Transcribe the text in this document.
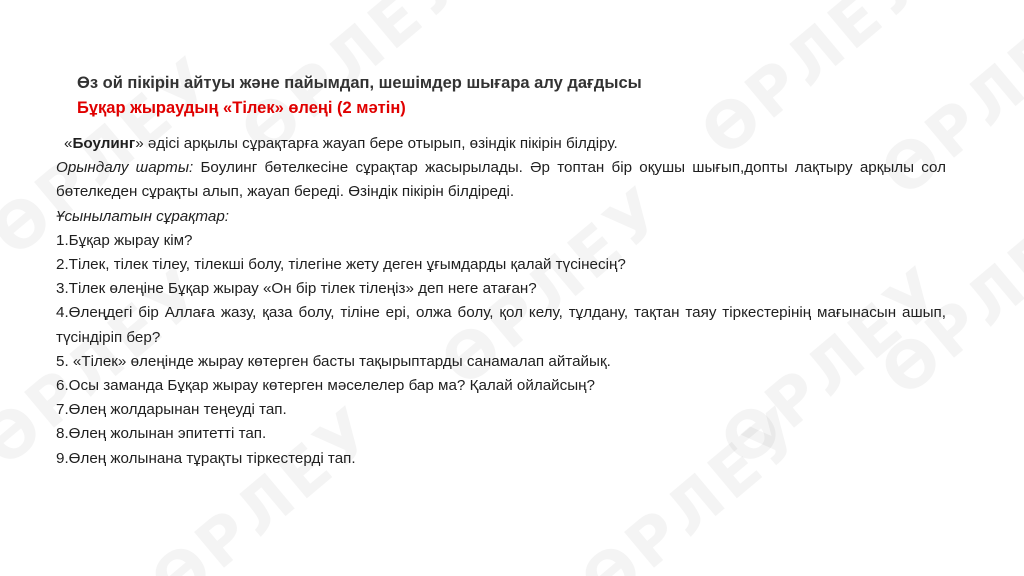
Өз ой пікірін айтуы және пайымдап, шешімдер шығара алу дағдысы
Бұқар жыраудың «Тілек» өлеңі (2 мәтін)

«Боулинг» әдісі арқылы сұрақтарға жауап бере отырып, өзіндік пікірін білдіру.

Орындалу шарты: Боулинг бөтелкесіне сұрақтар жасырылады. Әр топтан бір оқушы шығып,допты лақтыру арқылы сол бөтелкеден сұрақты алып, жауап береді. Өзіндік пікірін білдіреді.

Ұсынылатын сұрақтар:

1.Бұқар жырау кім?

2.Тілек, тілек тілеу, тілекші болу, тілегіне жету деген ұғымдарды қалай түсінесің?

3.Тілек өлеңіне Бұқар жырау «Он бір тілек тілеңіз» деп неге атаған?

4.Өлеңдегі бір Аллаға жазу, қаза болу, тіліне ері, олжа болу, қол келу, тұлдану, тақтан таяу тіркестерінің мағынасын ашып, түсіндіріп бер?

5. «Тілек» өлеңінде жырау көтерген басты тақырыптарды санамалап айтайық.

6.Осы заманда Бұқар жырау көтерген мәселелер бар ма? Қалай ойлайсың?

7.Өлең жолдарынан теңеуді тап.

8.Өлең жолынан эпитетті тап.

9.Өлең жолынана тұрақты тіркестерді тап.
